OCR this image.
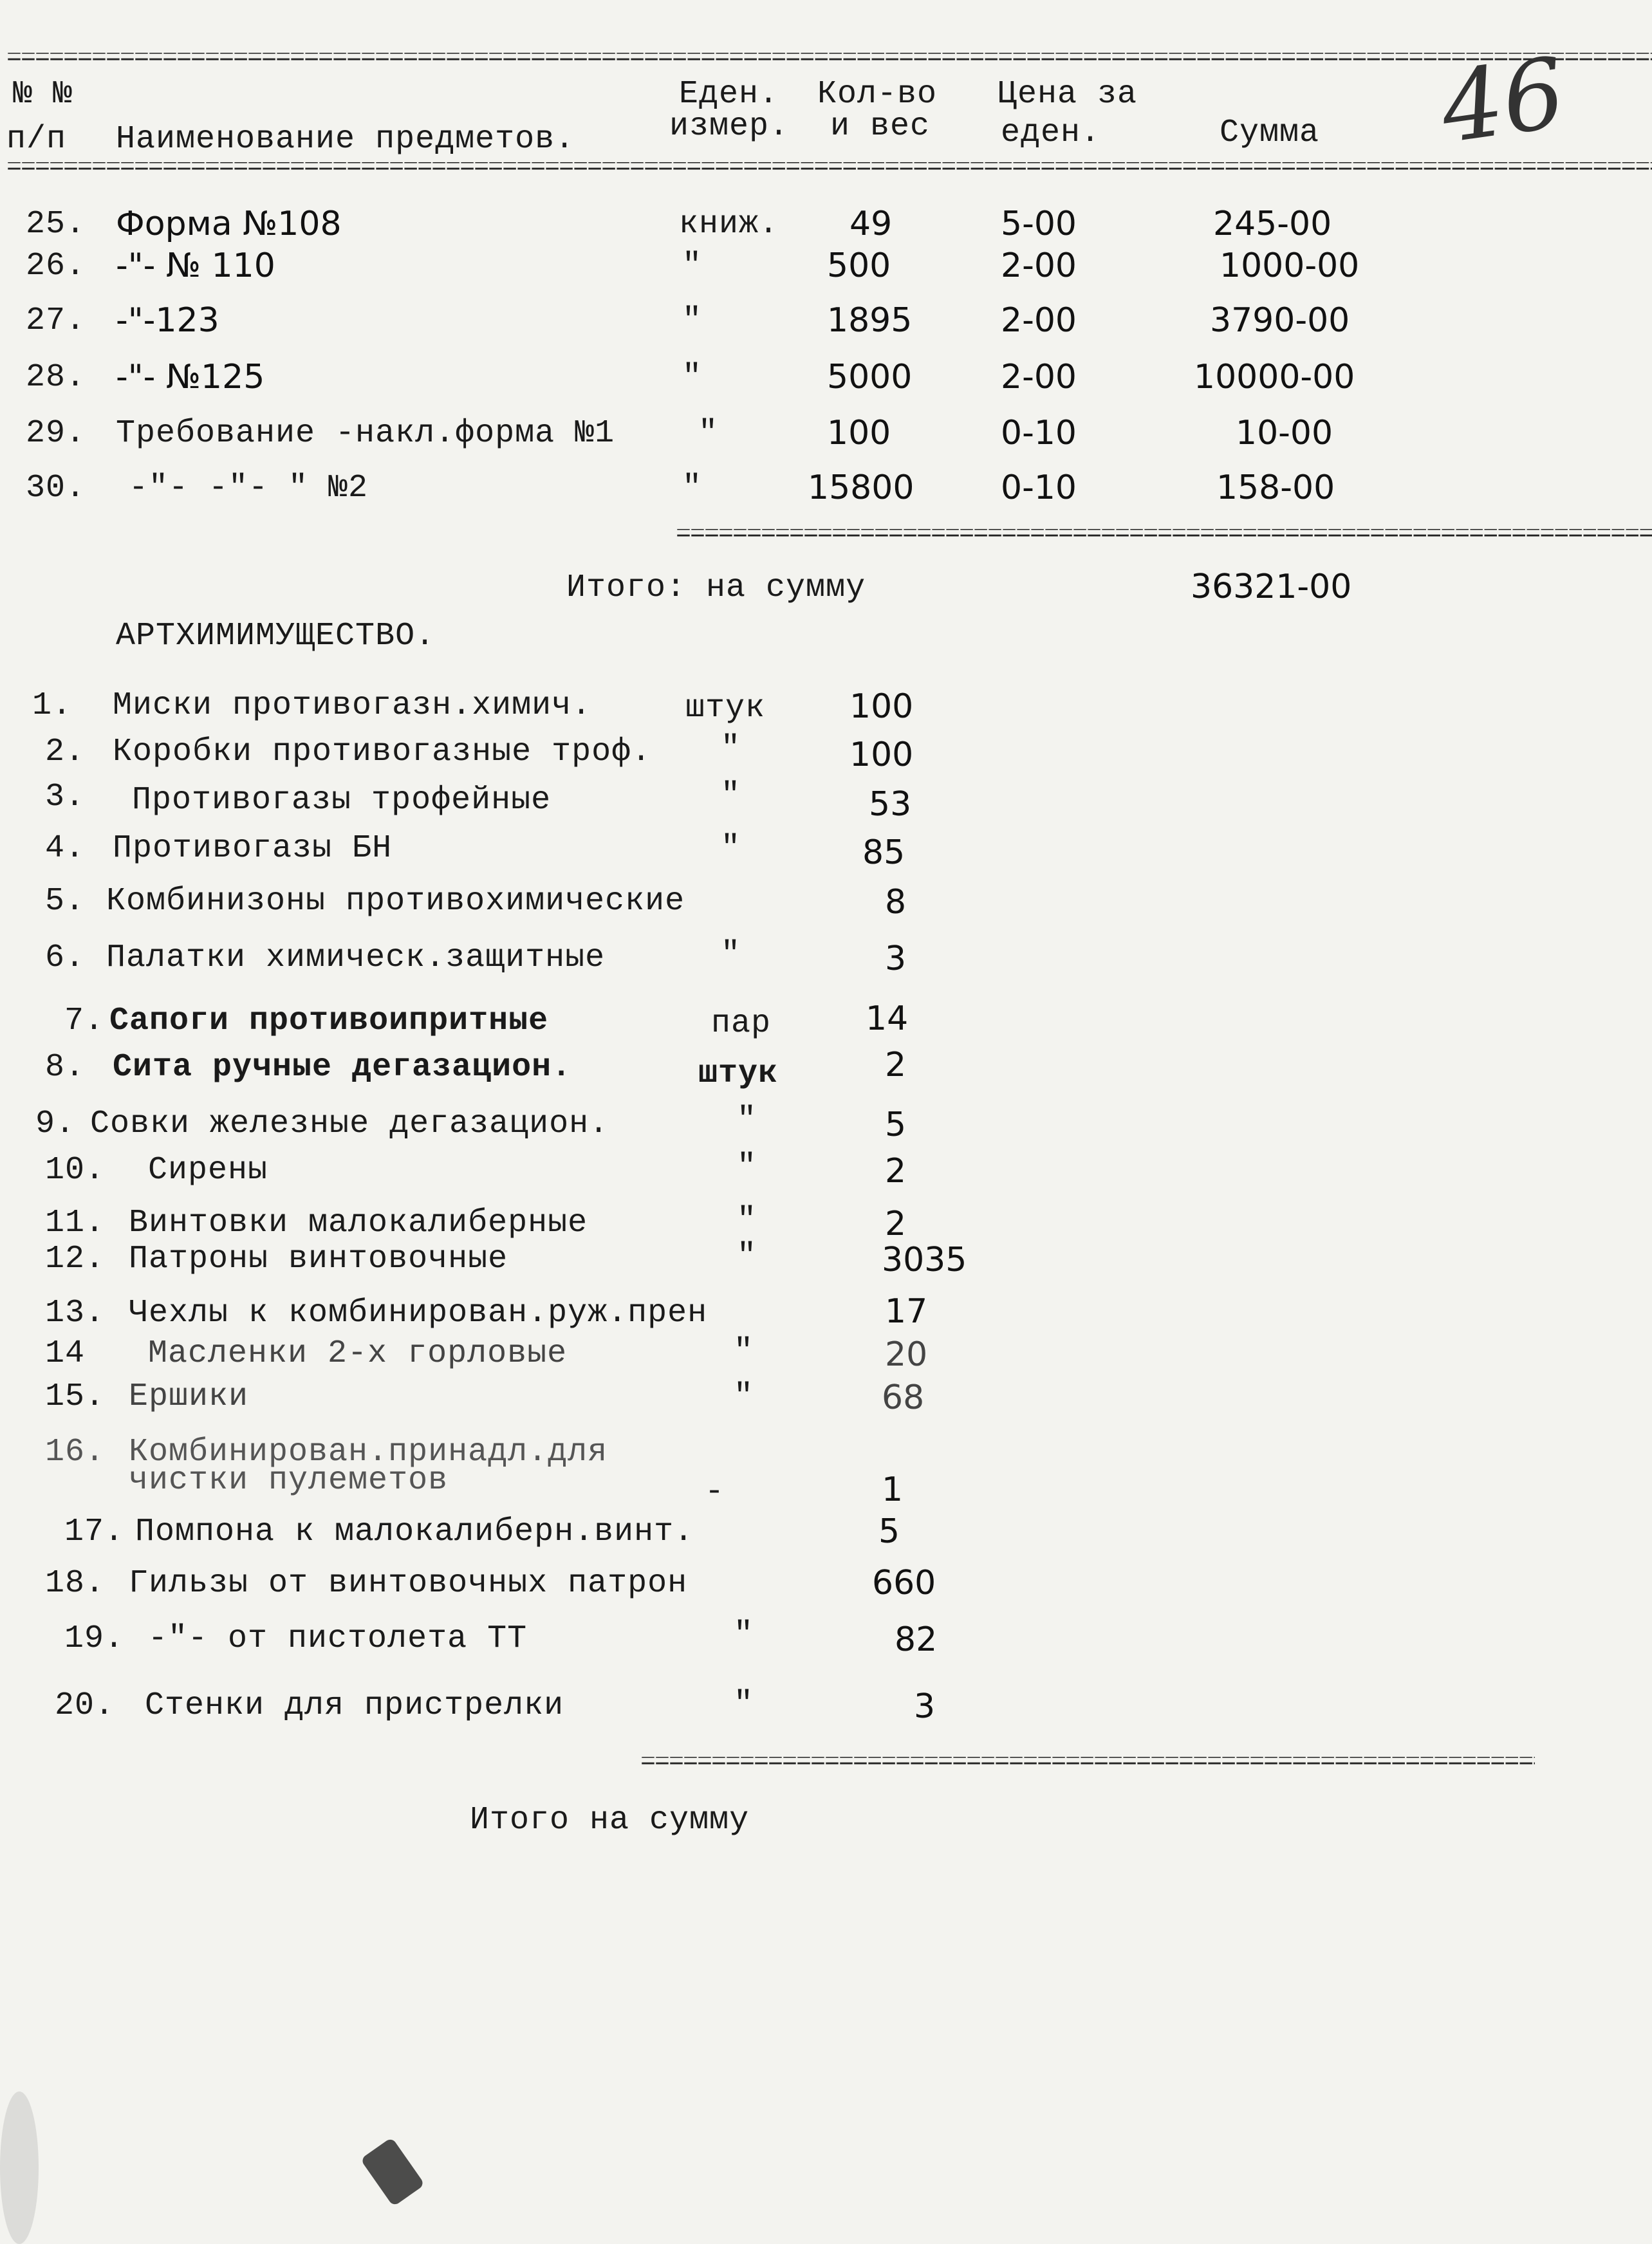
=====
№ №
п/п Наименование предметов.
Еден.
измер.
Кол-во
и вес
Цена за
еден.	Сумма 46
=====
25. Форма №108	книж. 49	5-00	245-00
26. -"- № 110	"	500	2-00	1000-00
27. -"-123	"	1895	2-00	3790-00
28. -"- №125	"	5000	2-00	10000-00
29. Требование -накл.форма №1	"	100	0-10	10-00
30. -"- -"- " №2	"	15800	0-10	158-00
=====
Итого: на сумму	36321-00
АРТХИМИМУЩЕСТВО.
1. Миски противогазн.химич.	штук	100
2. Коробки противогазные троф. "	100
3. Противогазы трофейные	"	53
4. Противогазы БН	"	85
5. Комбинизоны противохимические	8
6. Палатки химическ.защитные	"	3
7. Сапоги противоипритные	пар	14
8. Сита ручные дегазацион.	штук	2
9. Совки железные дегазацион.	"	5
10. Сирены	"	2
11. Винтовки малокалиберные	"	2
12. Патроны винтовочные	"	3035
13. Чехлы к комбинирован.руж.прен	17
14 Масленки 2-х горловые	"	20
15. Ершики	"	68
16. Комбинирован.принадл.для
чистки пулеметов	-	1
17. Помпона к малокалиберн.винт.	5
18. Гильзы от винтовочных патрон	660
19. -"- от пистолета ТТ	"	82
20. Стенки для пристрелки	"	3
=====
Итого на сумму
